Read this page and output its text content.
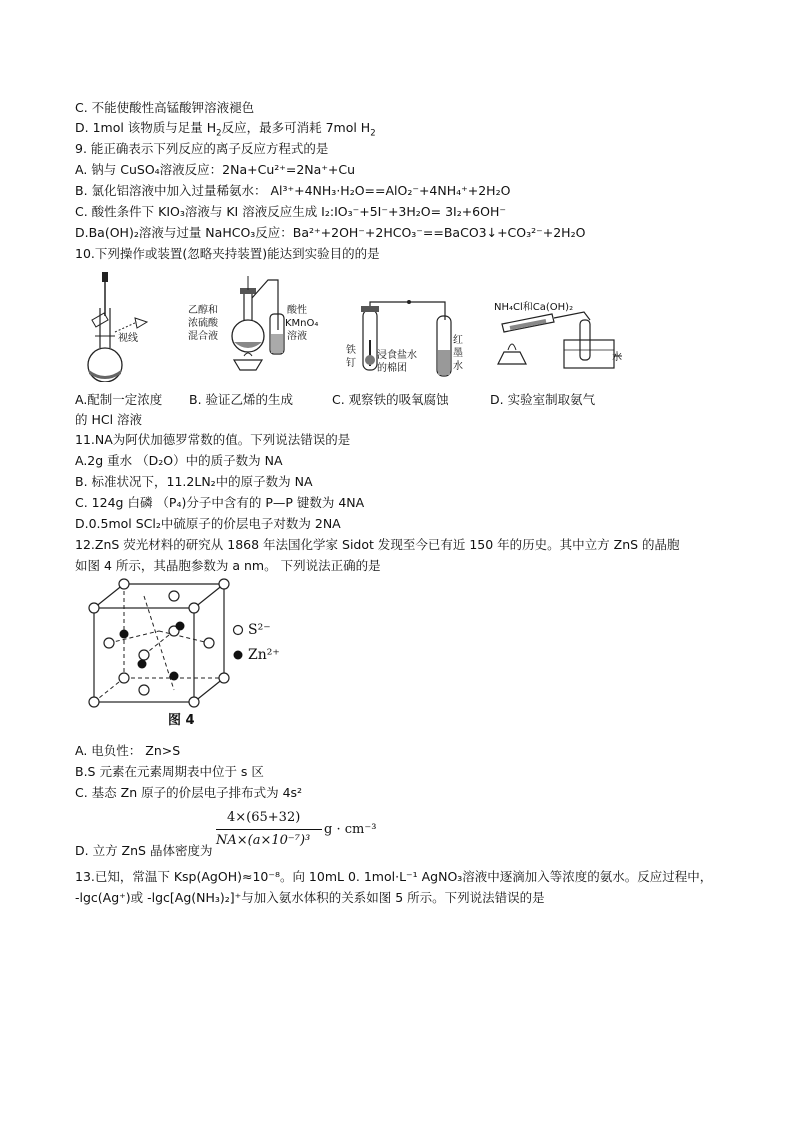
C. 不能使酸性高锰酸钾溶液褪色
D. 1mol 该物质与足量 $H_2$反应，最多可消耗 7mol $H_2$
9. 能正确表示下列反应的离子反应方程式的是
A. 钠与 CuSO₄溶液反应：2Na+Cu²⁺=2Na⁺+Cu
B. 氯化铝溶液中加入过量稀氨水： Al³⁺+4NH₃·H₂O==AlO₂⁻+4NH₄⁺+2H₂O
C. 酸性条件下 KIO₃溶液与 KI 溶液反应生成 I₂:IO₃⁻+5I⁻+3H₂O= 3I₂+6OH⁻
D.Ba(OH)₂溶液与过量 NaHCO₃反应：Ba²⁺+2OH⁻+2HCO₃⁻==BaCO3↓+CO₃²⁻+2H₂O
10.下列操作或装置(忽略夹持装置)能达到实验目的的是
视线
乙醇和
浓硫酸
混合液
酸性
KMnO₄
溶液
铁
钉
浸食盐水
的棉团
红
墨
水
NH₄Cl和Ca(OH)₂
水
A.配制一定浓度
的 HCl 溶液
B. 验证乙烯的生成	C. 观察铁的吸氧腐蚀	D. 实验室制取氨气
11.NA为阿伏加德罗常数的值。下列说法错误的是
A.2g 重水 （D₂O）中的质子数为 NA
B. 标准状况下，11.2LN₂中的原子数为 NA
C. 124g 白磷 （P₄)分子中含有的 P—P 键数为 4NA
D.0.5mol SCl₂中硫原子的价层电子对数为 2NA
12.ZnS 荧光材料的研究从 1868 年法国化学家 Sidot 发现至今已有近 150 年的历史。其中立方 ZnS 的晶胞
如图 4 所示，其晶胞参数为 a nm。 下列说法正确的是
S²⁻
Zn²⁺
图 4
A. 电负性： Zn>S
B.S 元素在元素周期表中位于 s 区
C. 基态 Zn 原子的价层电子排布式为 4s²
4×(65+32)
NA×(a×10⁻⁷)³
g · cm⁻³
D. 立方 ZnS 晶体密度为
13.已知，常温下 Ksp(AgOH)≈10⁻⁸。向 10mL 0. 1mol·L⁻¹ AgNO₃溶液中逐滴加入等浓度的氨水。反应过程中，
-lgc(Ag⁺)或 -lgc[Ag(NH₃)₂]⁺与加入氨水体积的关系如图 5 所示。下列说法错误的是
